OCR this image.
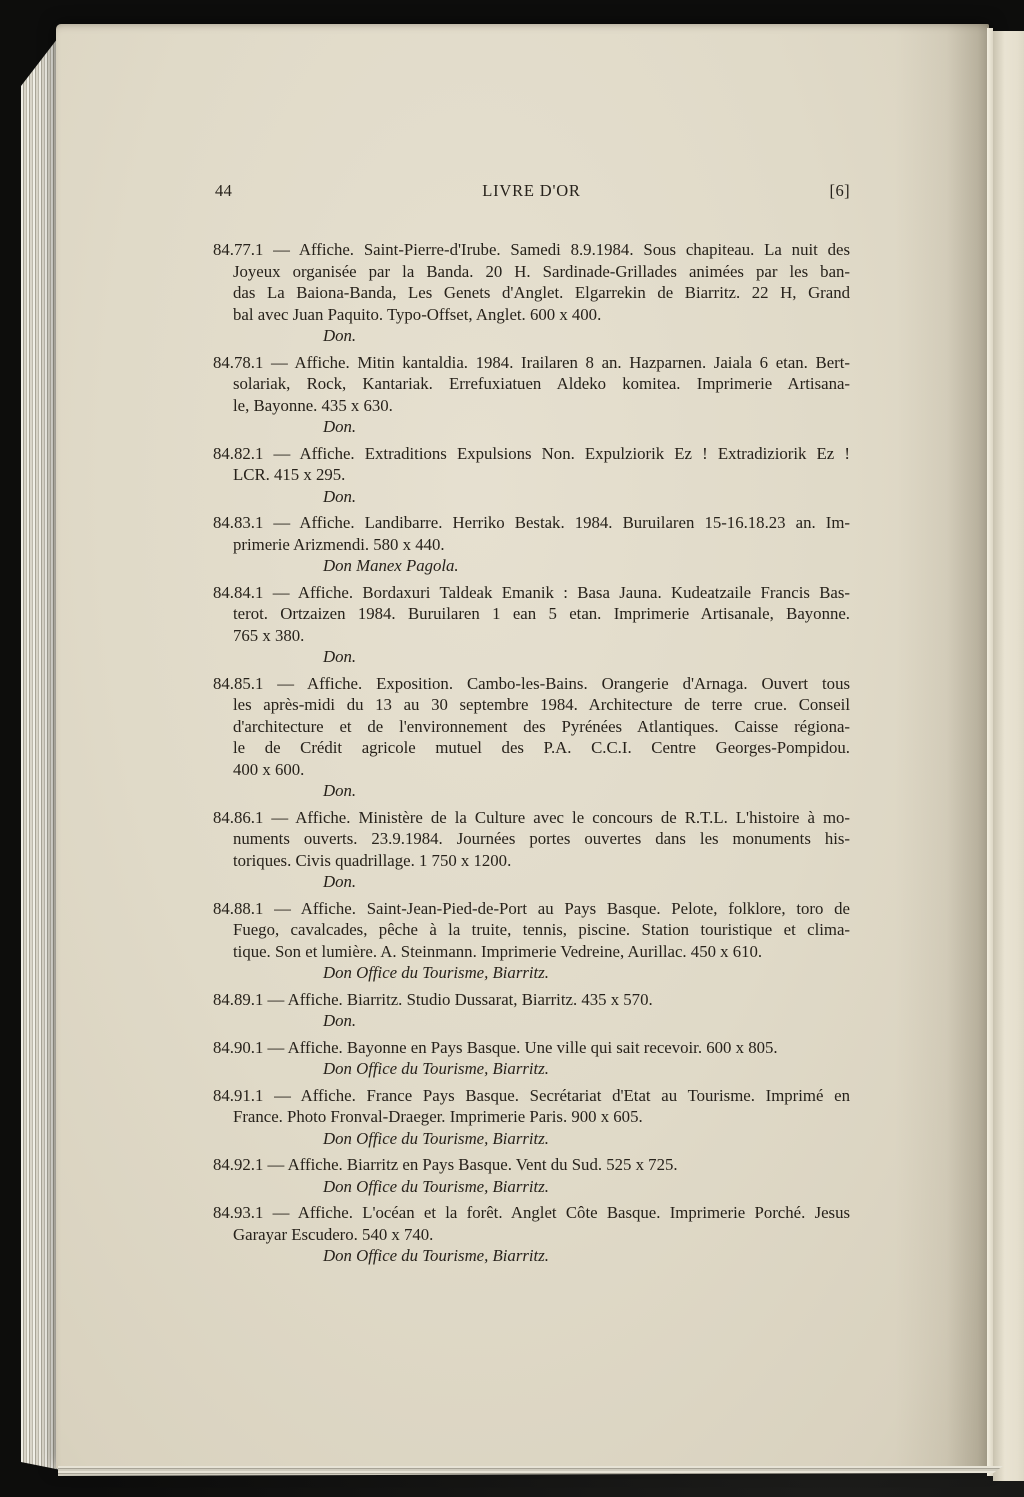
44	LIVRE D'OR	[6]
84.77.1 — Affiche. Saint-Pierre-d'Irube. Samedi 8.9.1984. Sous chapiteau. La nuit des
Joyeux organisée par la Banda. 20 H. Sardinade-Grillades animées par les ban-
das La Baiona-Banda, Les Genets d'Anglet. Elgarrekin de Biarritz. 22 H, Grand
bal avec Juan Paquito. Typo-Offset, Anglet. 600 x 400.
Don.
84.78.1 — Affiche. Mitin kantaldia. 1984. Irailaren 8 an. Hazparnen. Jaiala 6 etan. Bert-
solariak, Rock, Kantariak. Errefuxiatuen Aldeko komitea. Imprimerie Artisana-
le, Bayonne. 435 x 630.
Don.
84.82.1 — Affiche. Extraditions Expulsions Non. Expulziorik Ez ! Extradiziorik Ez !
LCR. 415 x 295.
Don.
84.83.1 — Affiche. Landibarre. Herriko Bestak. 1984. Buruilaren 15-16.18.23 an. Im-
primerie Arizmendi. 580 x 440.
Don Manex Pagola.
84.84.1 — Affiche. Bordaxuri Taldeak Emanik : Basa Jauna. Kudeatzaile Francis Bas-
terot. Ortzaizen 1984. Buruilaren 1 ean 5 etan. Imprimerie Artisanale, Bayonne.
765 x 380.
Don.
84.85.1 — Affiche. Exposition. Cambo-les-Bains. Orangerie d'Arnaga. Ouvert tous
les après-midi du 13 au 30 septembre 1984. Architecture de terre crue. Conseil
d'architecture et de l'environnement des Pyrénées Atlantiques. Caisse régiona-
le de Crédit agricole mutuel des P.A. C.C.I. Centre Georges-Pompidou.
400 x 600.
Don.
84.86.1 — Affiche. Ministère de la Culture avec le concours de R.T.L. L'histoire à mo-
numents ouverts. 23.9.1984. Journées portes ouvertes dans les monuments his-
toriques. Civis quadrillage. 1 750 x 1200.
Don.
84.88.1 — Affiche. Saint-Jean-Pied-de-Port au Pays Basque. Pelote, folklore, toro de
Fuego, cavalcades, pêche à la truite, tennis, piscine. Station touristique et clima-
tique. Son et lumière. A. Steinmann. Imprimerie Vedreine, Aurillac. 450 x 610.
Don Office du Tourisme, Biarritz.
84.89.1 — Affiche. Biarritz. Studio Dussarat, Biarritz. 435 x 570.
Don.
84.90.1 — Affiche. Bayonne en Pays Basque. Une ville qui sait recevoir. 600 x 805.
Don Office du Tourisme, Biarritz.
84.91.1 — Affiche. France Pays Basque. Secrétariat d'Etat au Tourisme. Imprimé en
France. Photo Fronval-Draeger. Imprimerie Paris. 900 x 605.
Don Office du Tourisme, Biarritz.
84.92.1 — Affiche. Biarritz en Pays Basque. Vent du Sud. 525 x 725.
Don Office du Tourisme, Biarritz.
84.93.1 — Affiche. L'océan et la forêt. Anglet Côte Basque. Imprimerie Porché. Jesus
Garayar Escudero. 540 x 740.
Don Office du Tourisme, Biarritz.
